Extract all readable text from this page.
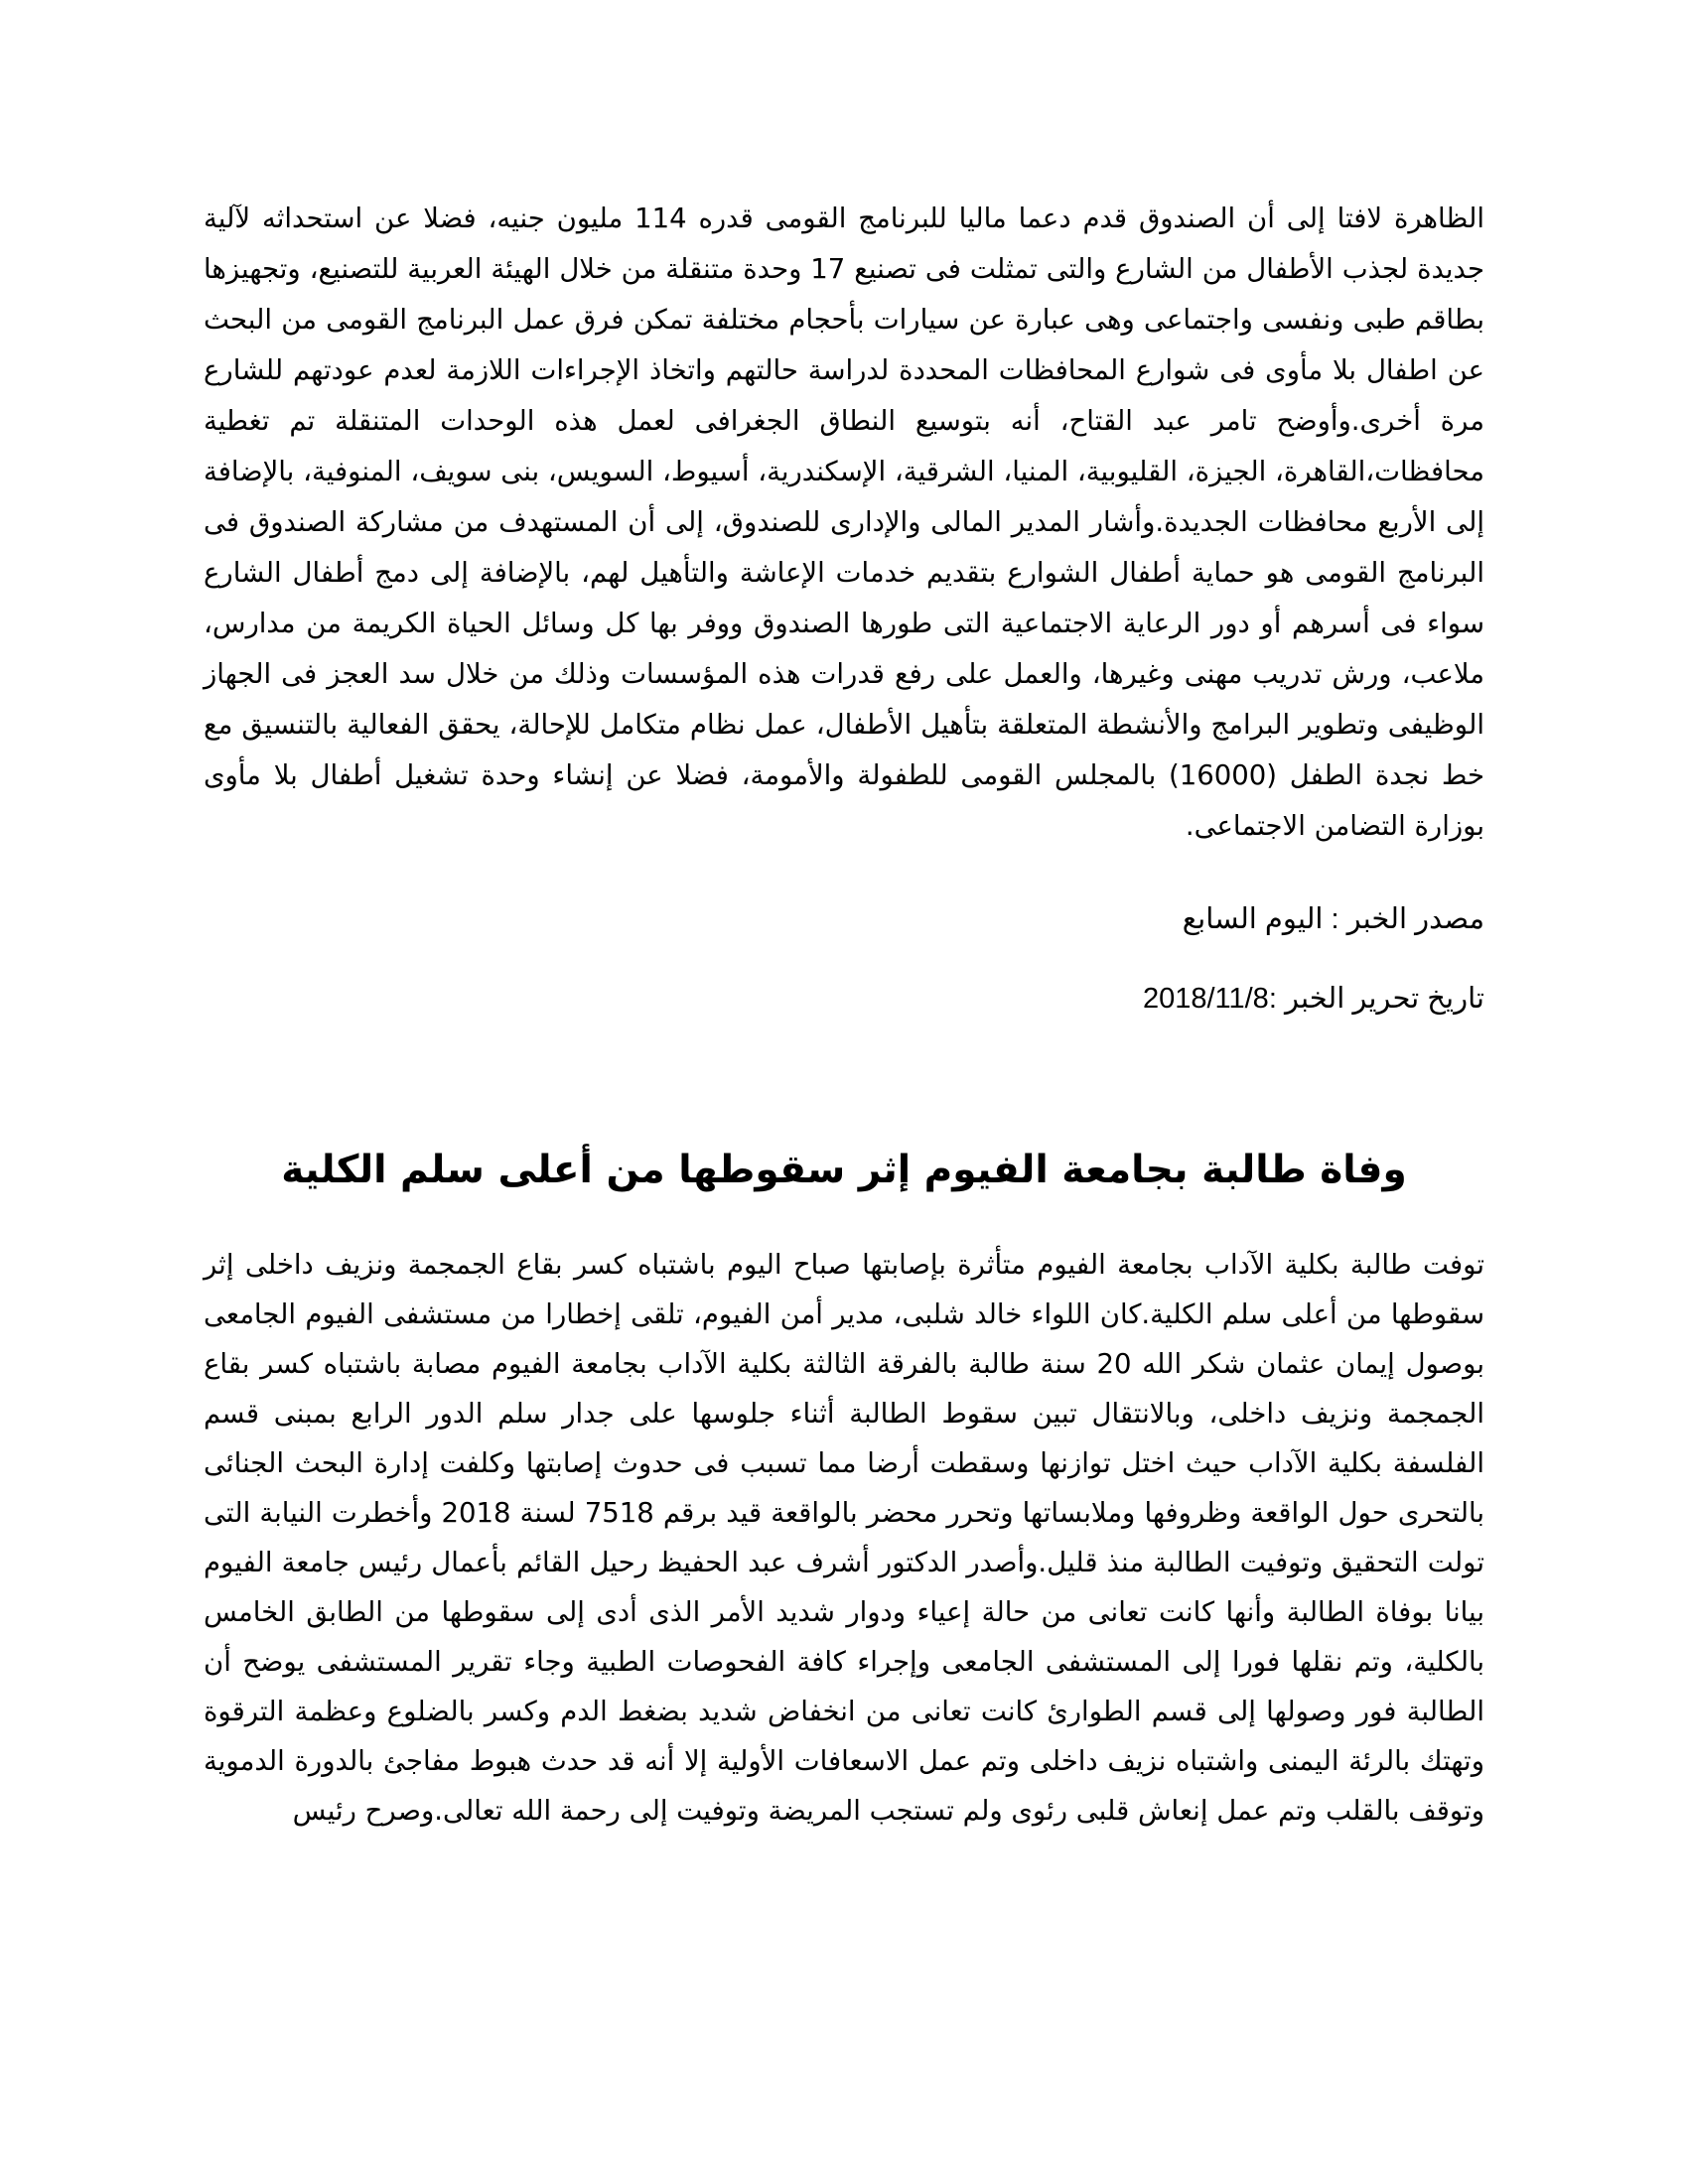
الظاهرة لافتا إلى أن الصندوق قدم دعما ماليا للبرنامج القومى قدره 114 مليون جنيه، فضلا عن استحداثه لآلية جديدة لجذب الأطفال من الشارع والتى تمثلت فى تصنيع 17 وحدة متنقلة من خلال الهيئة العربية للتصنيع، وتجهيزها بطاقم طبى ونفسى واجتماعى وهى عبارة عن سيارات بأحجام مختلفة تمكن فرق عمل البرنامج القومى من البحث عن اطفال بلا مأوى فى شوارع المحافظات المحددة لدراسة حالتهم واتخاذ الإجراءات اللازمة لعدم عودتهم للشارع مرة أخرى.وأوضح تامر عبد القتاح، أنه بتوسيع النطاق الجغرافى لعمل هذه الوحدات المتنقلة تم تغطية محافظات،القاهرة، الجيزة، القليوبية، المنيا، الشرقية، الإسكندرية، أسيوط، السويس، بنى سويف، المنوفية، بالإضافة إلى الأربع محافظات الجديدة.وأشار المدير المالى والإدارى للصندوق، إلى أن المستهدف من مشاركة الصندوق فى البرنامج القومى هو حماية أطفال الشوارع بتقديم خدمات الإعاشة والتأهيل لهم، بالإضافة إلى دمج أطفال الشارع سواء فى أسرهم أو دور الرعاية الاجتماعية التى طورها الصندوق ووفر بها كل وسائل الحياة الكريمة من مدارس، ملاعب، ورش تدريب مهنى وغيرها، والعمل على رفع قدرات هذه المؤسسات وذلك من خلال سد العجز فى الجهاز الوظيفى وتطوير البرامج والأنشطة المتعلقة بتأهيل الأطفال، عمل نظام متكامل للإحالة، يحقق الفعالية بالتنسيق مع خط نجدة الطفل (16000) بالمجلس القومى للطفولة والأمومة، فضلا عن إنشاء وحدة تشغيل أطفال بلا مأوى بوزارة التضامن الاجتماعى.

مصدر الخبر : اليوم السابع

تاريخ تحرير الخبر :2018/11/8

وفاة طالبة بجامعة الفيوم إثر سقوطها من أعلى سلم الكلية

توفت طالبة بكلية الآداب بجامعة الفيوم متأثرة بإصابتها صباح اليوم باشتباه كسر بقاع الجمجمة ونزيف داخلى إثر سقوطها من أعلى سلم الكلية.كان اللواء خالد شلبى، مدير أمن الفيوم، تلقى إخطارا من مستشفى الفيوم الجامعى بوصول إيمان عثمان شكر الله 20 سنة طالبة بالفرقة الثالثة بكلية الآداب بجامعة الفيوم مصابة باشتباه كسر بقاع الجمجمة ونزيف داخلى، وبالانتقال تبين سقوط الطالبة أثناء جلوسها على جدار سلم الدور الرابع بمبنى قسم الفلسفة بكلية الآداب حيث اختل توازنها وسقطت أرضا مما تسبب فى حدوث إصابتها وكلفت إدارة البحث الجنائى بالتحرى حول الواقعة وظروفها وملابساتها وتحرر محضر بالواقعة قيد برقم 7518 لسنة 2018 وأخطرت النيابة التى تولت التحقيق وتوفيت الطالبة منذ قليل.وأصدر الدكتور أشرف عبد الحفيظ رحيل القائم بأعمال رئيس جامعة الفيوم بيانا بوفاة الطالبة وأنها كانت تعانى من حالة إعياء ودوار شديد الأمر الذى أدى إلى سقوطها من الطابق الخامس بالكلية، وتم نقلها فورا إلى المستشفى الجامعى وإجراء كافة الفحوصات الطبية وجاء تقرير المستشفى يوضح أن الطالبة فور وصولها إلى قسم الطوارئ كانت تعانى من انخفاض شديد بضغط الدم وكسر بالضلوع وعظمة الترقوة وتهتك بالرئة اليمنى واشتباه نزيف داخلى وتم عمل الاسعافات الأولية إلا أنه قد حدث هبوط مفاجئ بالدورة الدموية وتوقف بالقلب وتم عمل إنعاش قلبى رئوى ولم تستجب المريضة وتوفيت إلى رحمة الله تعالى.وصرح رئيس
